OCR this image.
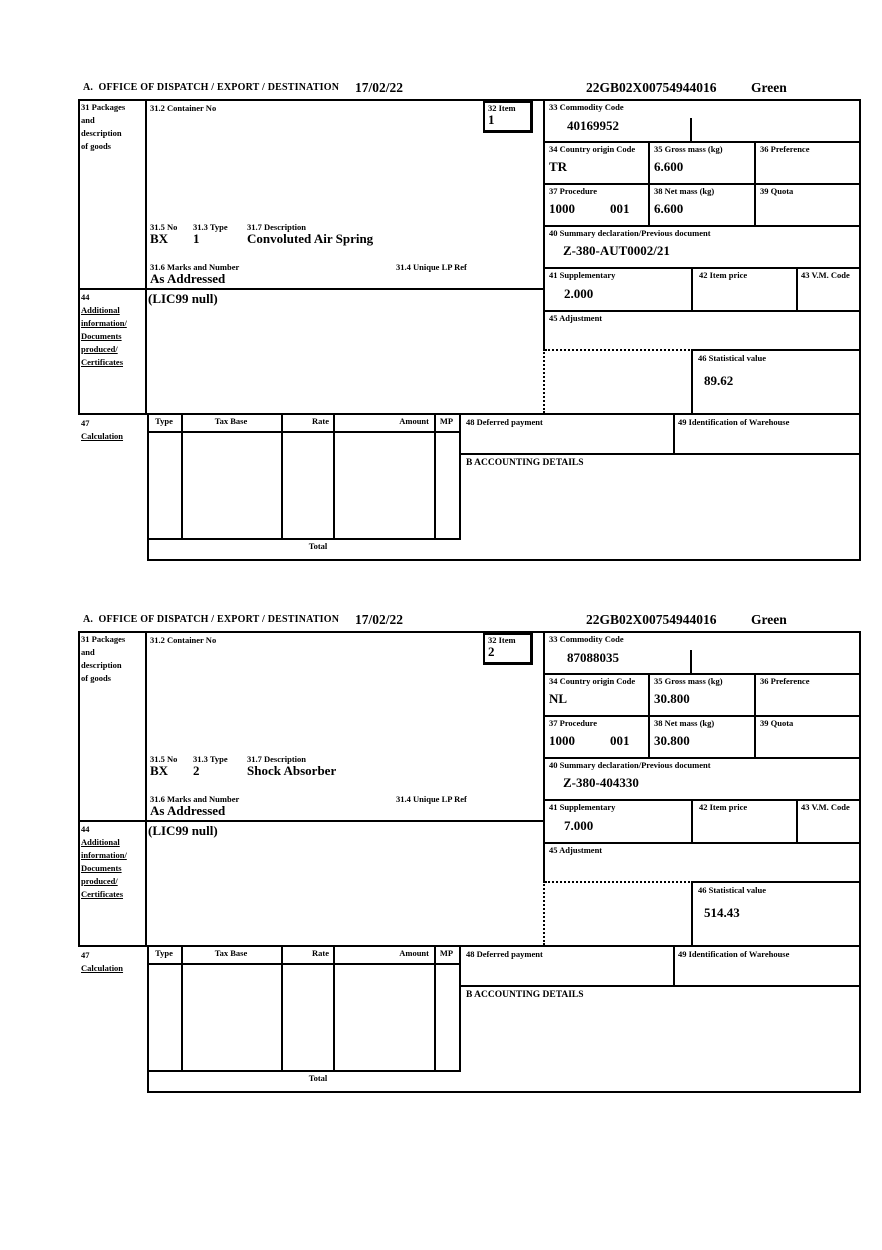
A.  OFFICE OF DISPATCH / EXPORT / DESTINATION 17/02/22	22GB02X00754944016	Green
31 Packages
and
description
of goods
44
Additional
information/
Documents
produced/
Certificates
47
Calculation
31.2 Container No	32 Item
1
31.5 No 31.3 Type 31.7 Description
BX 1	Convoluted Air Spring
31.6 Marks and Number	31.4 Unique LP Ref
As Addressed
(LIC99 null)
33 Commodity Code
40169952
34 Country origin Code
TR
35 Gross mass (kg)
6.600
36 Preference
37 Procedure
1000	001
38 Net mass (kg)
6.600
39 Quota
40 Summary declaration/Previous document
Z-380-AUT0002/21
41 Supplementary
2.000
42 Item price	43 V.M. Code
45 Adjustment
46 Statistical value
89.62
Type	Tax Base	Rate	Amount	MP
Total
48 Deferred payment	49 Identification of Warehouse
B ACCOUNTING DETAILS
A.  OFFICE OF DISPATCH / EXPORT / DESTINATION 17/02/22	22GB02X00754944016	Green
31 Packages
and
description
of goods
44
Additional
information/
Documents
produced/
Certificates
47
Calculation
31.2 Container No	32 Item
2
31.5 No 31.3 Type 31.7 Description
BX 2	Shock Absorber
31.6 Marks and Number	31.4 Unique LP Ref
As Addressed
(LIC99 null)
33 Commodity Code
87088035
34 Country origin Code
NL
35 Gross mass (kg)
30.800
36 Preference
37 Procedure
1000	001
38 Net mass (kg)
30.800
39 Quota
40 Summary declaration/Previous document
Z-380-404330
41 Supplementary
7.000
42 Item price	43 V.M. Code
45 Adjustment
46 Statistical value
514.43
Type	Tax Base	Rate	Amount	MP
Total
48 Deferred payment	49 Identification of Warehouse
B ACCOUNTING DETAILS
